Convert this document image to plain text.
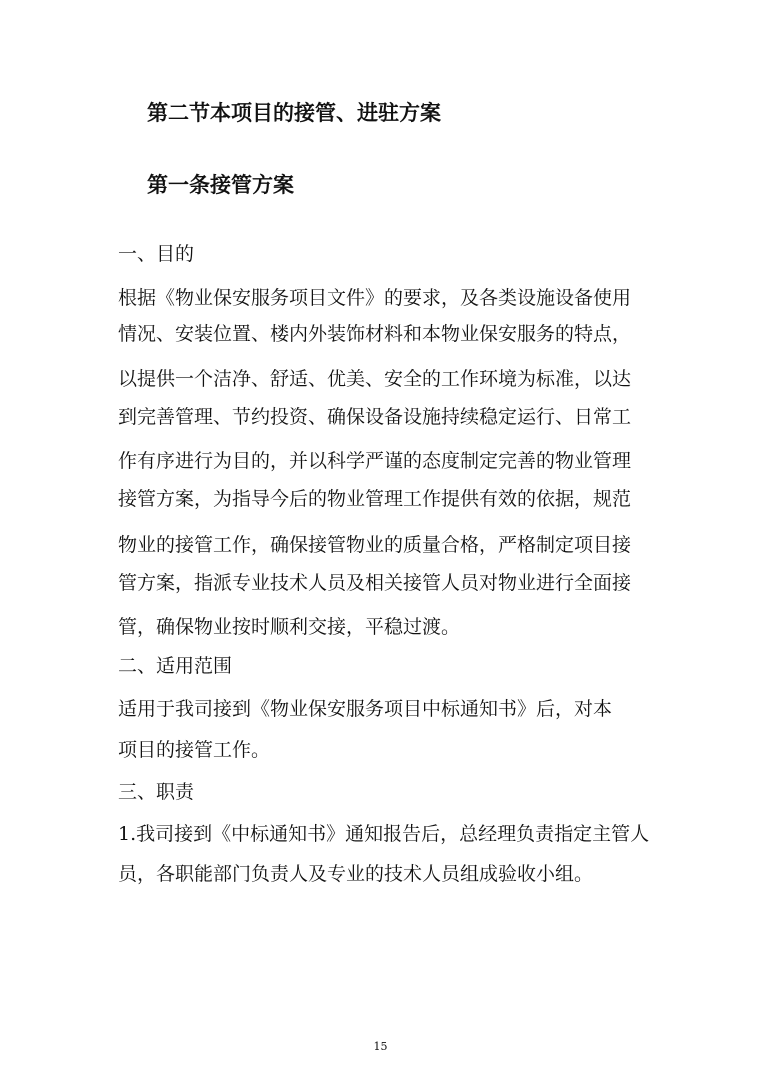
第二节本项目的接管、进驻方案
第一条接管方案
一、目的
根据《物业保安服务项目文件》的要求，及各类设施设备使用
情况、安装位置、楼内外装饰材料和本物业保安服务的特点，
以提供一个洁净、舒适、优美、安全的工作环境为标准，以达
到完善管理、节约投资、确保设备设施持续稳定运行、日常工
作有序进行为目的，并以科学严谨的态度制定完善的物业管理
接管方案，为指导今后的物业管理工作提供有效的依据，规范
物业的接管工作，确保接管物业的质量合格，严格制定项目接
管方案，指派专业技术人员及相关接管人员对物业进行全面接
管，确保物业按时顺利交接，平稳过渡。
二、适用范围
适用于我司接到《物业保安服务项目中标通知书》后，对本
项目的接管工作。
三、职责
1.我司接到《中标通知书》通知报告后，总经理负责指定主管人
员，各职能部门负责人及专业的技术人员组成验收小组。
15
